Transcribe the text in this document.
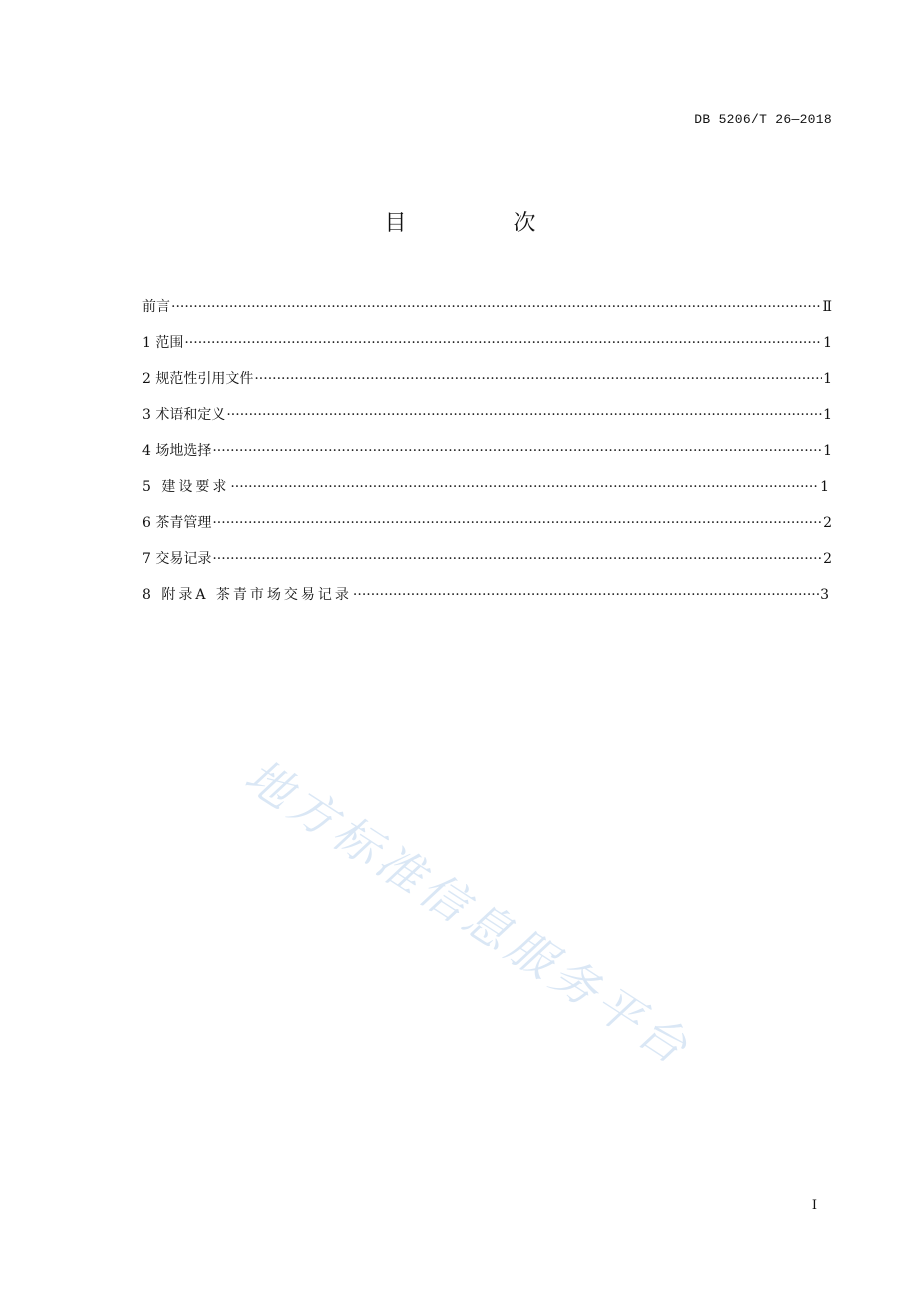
DB 5206/T 26—2018
目 次
前言 ·····	Ⅱ
1 范围 ·····	1
2 规范性引用文件 ·····	1
3 术语和定义 ·····	1
4 场地选择 ·····	1
5 建设要求 ·····	1
6 茶青管理 ·····	2
7 交易记录 ·····	2
8 附录A 茶青市场交易记录 ·····	3
地方标准信息服务平台
I
